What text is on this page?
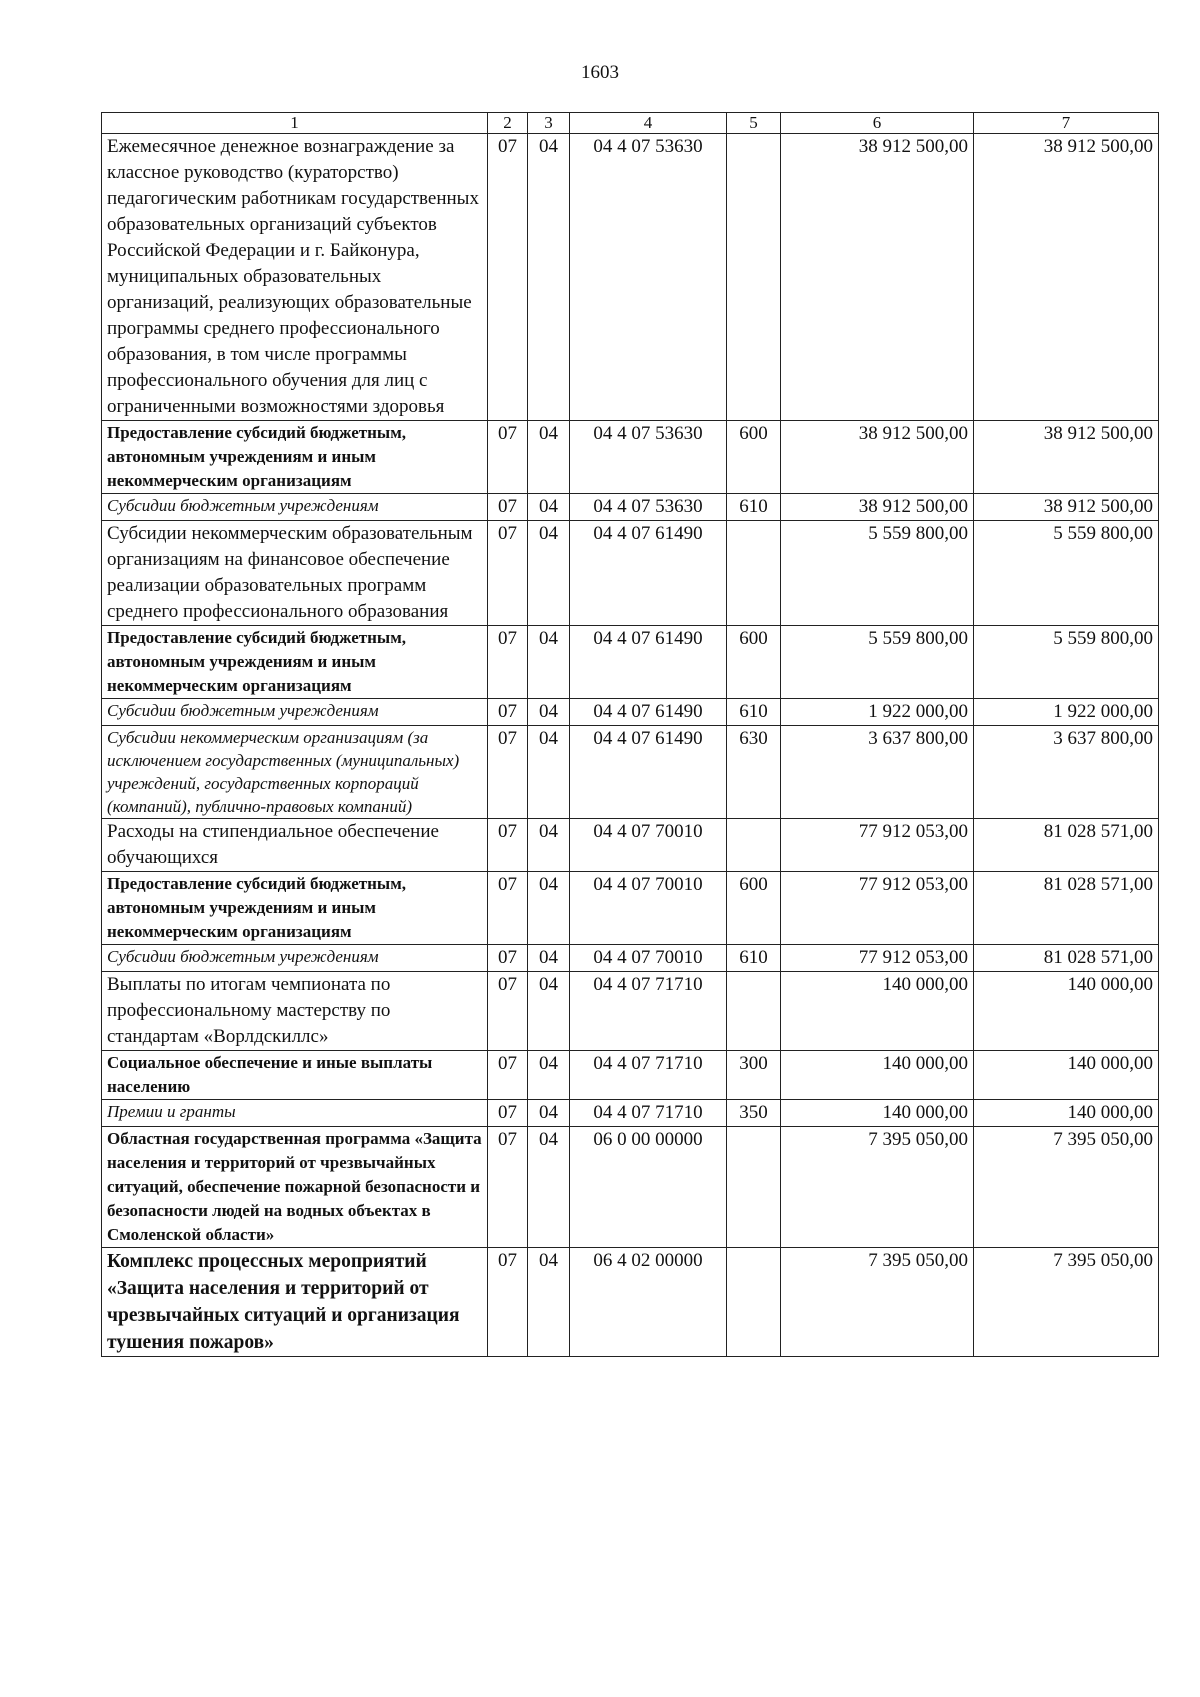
1603
1	2	3	4	5	6	7
Ежемесячное денежное вознаграждение за классное руководство (кураторство) педагогическим работникам государственных образовательных организаций субъектов Российской Федерации и г. Байконура, муниципальных образовательных организаций, реализующих образовательные программы среднего профессионального образования, в том числе программы профессионального обучения для лиц с ограниченными возможностями здоровья	07	04	04 4 07 53630		38 912 500,00	38 912 500,00
Предоставление субсидий бюджетным, автономным учреждениям и иным некоммерческим организациям	07	04	04 4 07 53630	600	38 912 500,00	38 912 500,00
Субсидии бюджетным учреждениям	07	04	04 4 07 53630	610	38 912 500,00	38 912 500,00
Субсидии некоммерческим образовательным организациям на финансовое обеспечение реализации образовательных программ среднего профессионального образования	07	04	04 4 07 61490		5 559 800,00	5 559 800,00
Предоставление субсидий бюджетным, автономным учреждениям и иным некоммерческим организациям	07	04	04 4 07 61490	600	5 559 800,00	5 559 800,00
Субсидии бюджетным учреждениям	07	04	04 4 07 61490	610	1 922 000,00	1 922 000,00
Субсидии некоммерческим организациям (за исключением государственных (муниципальных) учреждений, государственных корпораций (компаний), публично-правовых компаний)	07	04	04 4 07 61490	630	3 637 800,00	3 637 800,00
Расходы на стипендиальное обеспечение обучающихся	07	04	04 4 07 70010		77 912 053,00	81 028 571,00
Предоставление субсидий бюджетным, автономным учреждениям и иным некоммерческим организациям	07	04	04 4 07 70010	600	77 912 053,00	81 028 571,00
Субсидии бюджетным учреждениям	07	04	04 4 07 70010	610	77 912 053,00	81 028 571,00
Выплаты по итогам чемпионата по профессиональному мастерству по стандартам «Ворлдскиллс»	07	04	04 4 07 71710		140 000,00	140 000,00
Социальное обеспечение и иные выплаты населению	07	04	04 4 07 71710	300	140 000,00	140 000,00
Премии и гранты	07	04	04 4 07 71710	350	140 000,00	140 000,00
Областная государственная программа «Защита населения и территорий от чрезвычайных ситуаций, обеспечение пожарной безопасности и безопасности людей на водных объектах в Смоленской области»	07	04	06 0 00 00000		7 395 050,00	7 395 050,00
Комплекс процессных мероприятий «Защита населения и территорий от чрезвычайных ситуаций и организация тушения пожаров»	07	04	06 4 02 00000		7 395 050,00	7 395 050,00
